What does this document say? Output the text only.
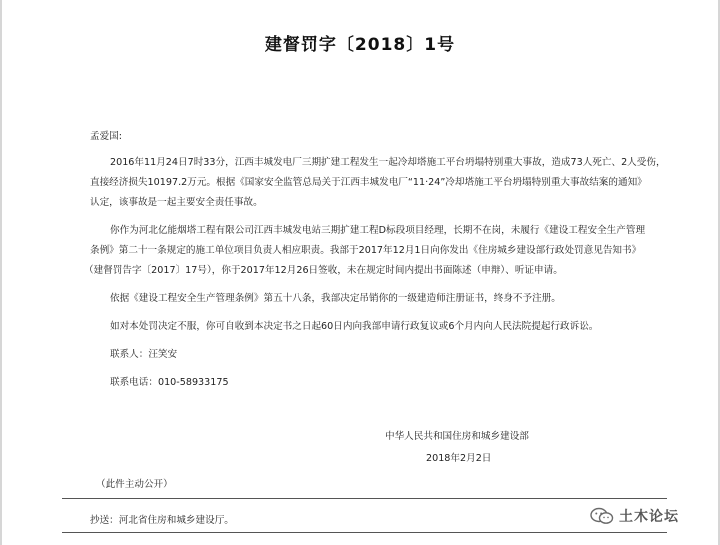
建督罚字〔2018〕1号
孟爱国:
2016年11月24日7时33分，江西丰城发电厂三期扩建工程发生一起冷却塔施工平台坍塌特别重大事故，造成73人死亡、2人受伤，
直接经济损失10197.2万元。根据《国家安全监管总局关于江西丰城发电厂“11·24”冷却塔施工平台坍塌特别重大事故结案的通知》
认定，该事故是一起主要安全责任事故。
你作为河北亿能烟塔工程有限公司江西丰城发电站三期扩建工程D标段项目经理，长期不在岗，未履行《建设工程安全生产管理
条例》第二十一条规定的施工单位项目负责人相应职责。我部于2017年12月1日向你发出《住房城乡建设部行政处罚意见告知书》
（建督罚告字〔2017〕17号），你于2017年12月26日签收，未在规定时间内提出书面陈述（申辩）、听证申请。
依据《建设工程安全生产管理条例》第五十八条，我部决定吊销你的一级建造师注册证书，终身不予注册。
如对本处罚决定不服，你可自收到本决定书之日起60日内向我部申请行政复议或6个月内向人民法院提起行政诉讼。
联系人：汪笑安
联系电话：010-58933175
中华人民共和国住房和城乡建设部
2018年2月2日
（此件主动公开）
抄送：河北省住房和城乡建设厅。	土木论坛
